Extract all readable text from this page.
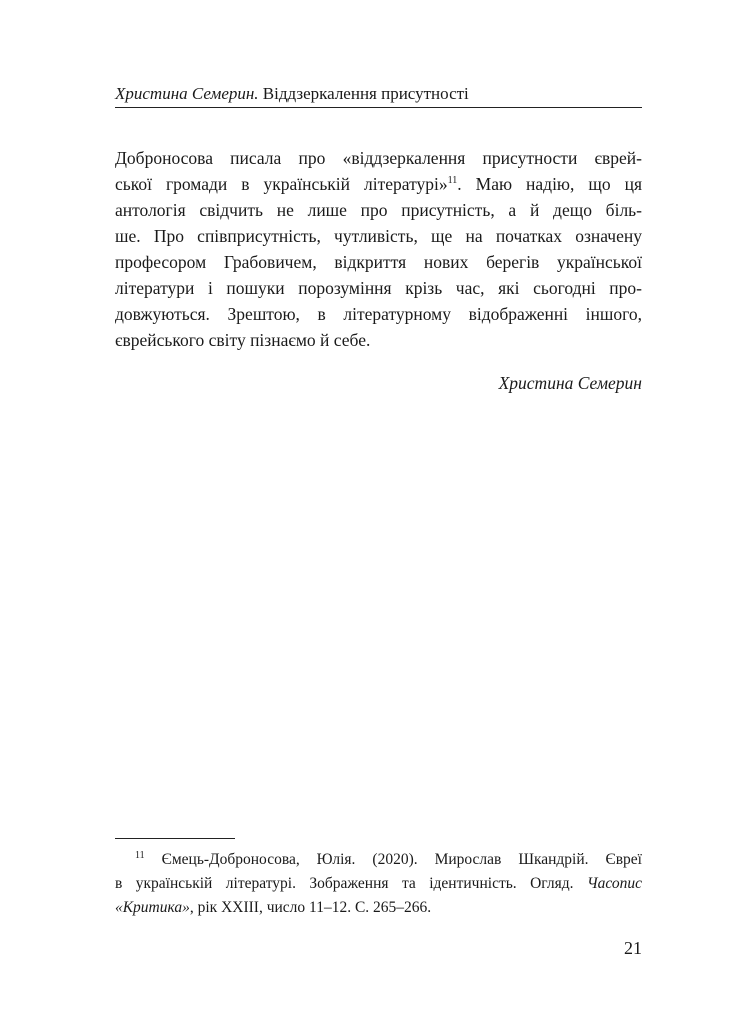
Христина Семерин. Віддзеркалення присутності
Доброносова писала про «віддзеркалення присутности єврей-
ської громади в українській літературі»$^{11}$. Маю надію, що ця
антологія свідчить не лише про присутність, а й дещо біль-
ше. Про співприсутність, чутливість, ще на початках означену
професором Грабовичем, відкриття нових берегів української
літератури і пошуки порозуміння крізь час, які сьогодні про-
довжуються. Зрештою, в літературному відображенні іншого,
єврейського світу пізнаємо й себе.
Христина Семерин
$^{11}$ Ємець-Доброносова, Юлія. (2020). Мирослав Шкандрій. Євреї
в українській літературі. Зображення та ідентичність. Огляд. Часопис
«Критика», рік ХХІІІ, число 11–12. С. 265–266.
21
